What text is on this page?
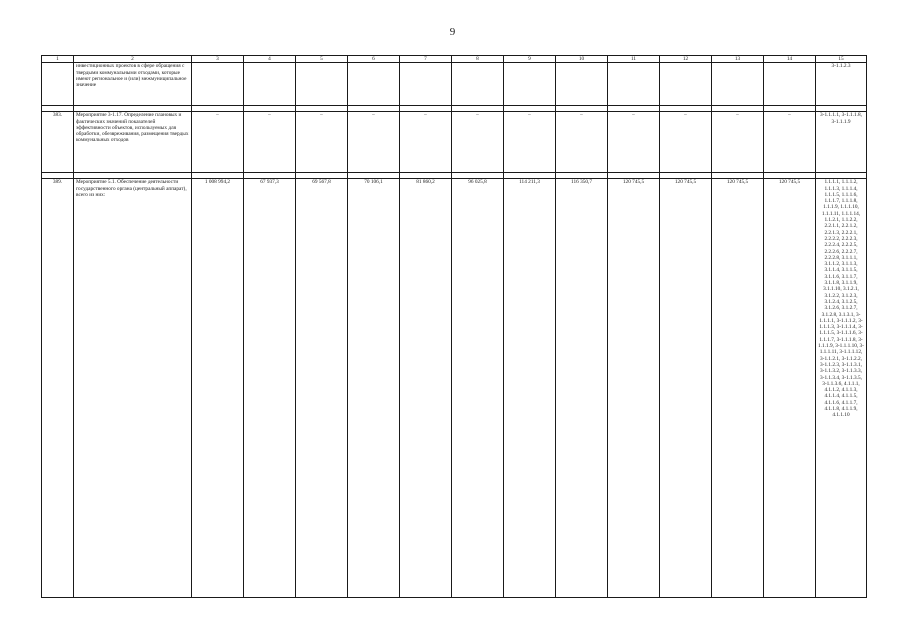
9
1	2	3	4	5	6	7	8	9	10	11	12	13	14	15
	инвестиционных проектов в сфере обращения с твердыми коммунальными отходами, которые имеют региональное и (или) межмуниципальное значение													3-1.1.2.3

383.	Мероприятие 3-1.17. Определение плановых и фактических значений показателей эффективности объектов, используемых для обработки, обезвреживания, размещения твердых коммунальных отходов	–	–	–	–	–	–	–	–	–	–	–	–	3-1.1.1.1, 3-1.1.1.8, 3-1.1.1.9

389.	Мероприятие 5.1. Обеспечение деятельности государственного органа (центральный аппарат), всего из них:	1 008 994,2	67 937,3	69 567,8	70 106,1	81 860,2	96 025,8	114 211,3	116 350,7	120 745,5	120 745,5	120 745,5	120 745,5	1.1.1.1, 1.1.1.2, 1.1.1.3, 1.1.1.4, 1.1.1.5, 1.1.1.6, 1.1.1.7, 1.1.1.8, 1.1.1.9, 1.1.1.10, 1.1.1.11, 1.1.1.14, 1.1.2.1, 1.1.2.2, 2.2.1.1, 2.2.1.2, 2.2.1.3, 2.2.2.1, 2.2.2.2, 2.2.2.3, 2.2.2.4, 2.2.2.5, 2.2.2.6, 2.2.2.7, 2.2.2.8, 3.1.1.1, 3.1.1.2, 3.1.1.3, 3.1.1.4, 3.1.1.5, 3.1.1.6, 3.1.1.7, 3.1.1.8, 3.1.1.9, 3.1.1.10, 3.1.2.1, 3.1.2.2, 3.1.2.3, 3.1.2.4, 3.1.2.5, 3.1.2.6, 3.1.2.7, 3.1.2.8, 3.1.3.1, 3-1.1.1.1, 3-1.1.1.2, 3-1.1.1.3, 3-1.1.1.4, 3-1.1.1.5, 3-1.1.1.6, 3-1.1.1.7, 3-1.1.1.8, 3-1.1.1.9, 3-1.1.1.10, 3-1.1.1.11, 3-1.1.1.12, 3-1.1.2.1, 3-1.1.2.2, 3-1.1.2.3, 3-1.1.3.1, 3-1.1.3.2, 3-1.1.3.3, 3-1.1.3.4, 3-1.1.3.5, 3-1.1.3.6, 4.1.1.1, 4.1.1.2, 4.1.1.3, 4.1.1.4, 4.1.1.5, 4.1.1.6, 4.1.1.7, 4.1.1.8, 4.1.1.9, 4.1.1.10
